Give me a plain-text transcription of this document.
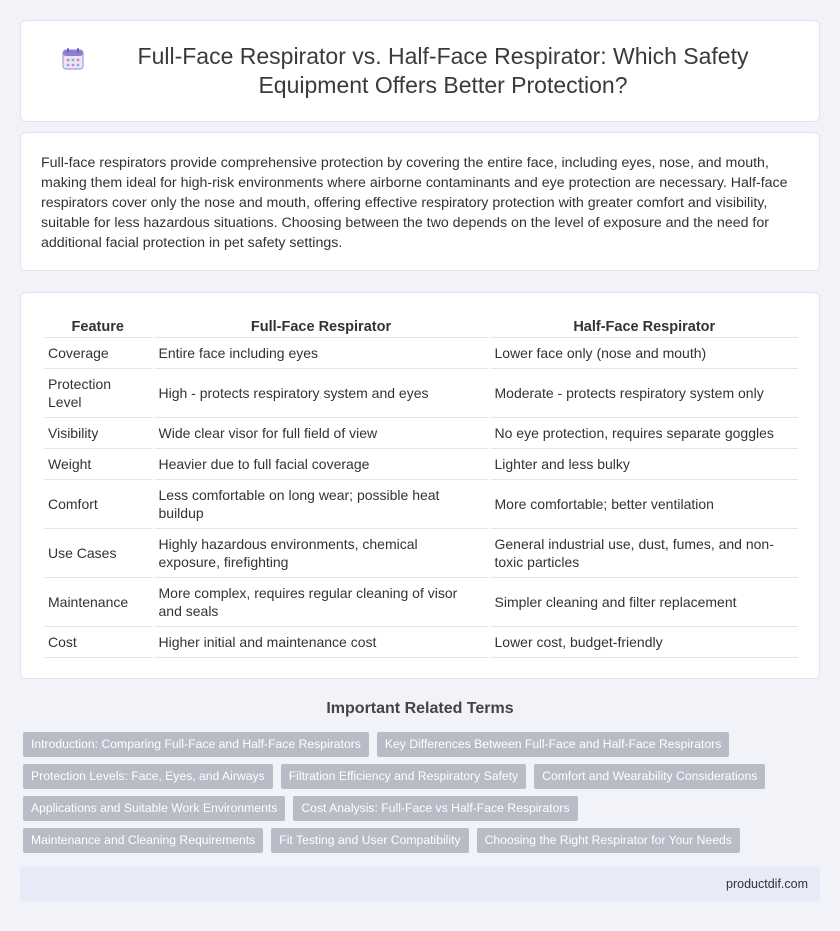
Full-Face Respirator vs. Half-Face Respirator: Which Safety Equipment Offers Better Protection?

Full-face respirators provide comprehensive protection by covering the entire face, including eyes, nose, and mouth, making them ideal for high-risk environments where airborne contaminants and eye protection are necessary. Half-face respirators cover only the nose and mouth, offering effective respiratory protection with greater comfort and visibility, suitable for less hazardous situations. Choosing between the two depends on the level of exposure and the need for additional facial protection in pet safety settings.

Feature	Full-Face Respirator	Half-Face Respirator
Coverage	Entire face including eyes	Lower face only (nose and mouth)
Protection Level	High - protects respiratory system and eyes	Moderate - protects respiratory system only
Visibility	Wide clear visor for full field of view	No eye protection, requires separate goggles
Weight	Heavier due to full facial coverage	Lighter and less bulky
Comfort	Less comfortable on long wear; possible heat buildup	More comfortable; better ventilation
Use Cases	Highly hazardous environments, chemical exposure, firefighting	General industrial use, dust, fumes, and non-toxic particles
Maintenance	More complex, requires regular cleaning of visor and seals	Simpler cleaning and filter replacement
Cost	Higher initial and maintenance cost	Lower cost, budget-friendly
Important Related Terms
Introduction: Comparing Full-Face and Half-Face Respirators	Key Differences Between Full-Face and Half-Face Respirators
Protection Levels: Face, Eyes, and Airways	Filtration Efficiency and Respiratory Safety	Comfort and Wearability Considerations
Applications and Suitable Work Environments	Cost Analysis: Full-Face vs Half-Face Respirators
Maintenance and Cleaning Requirements	Fit Testing and User Compatibility	Choosing the Right Respirator for Your Needs
productdif.com
